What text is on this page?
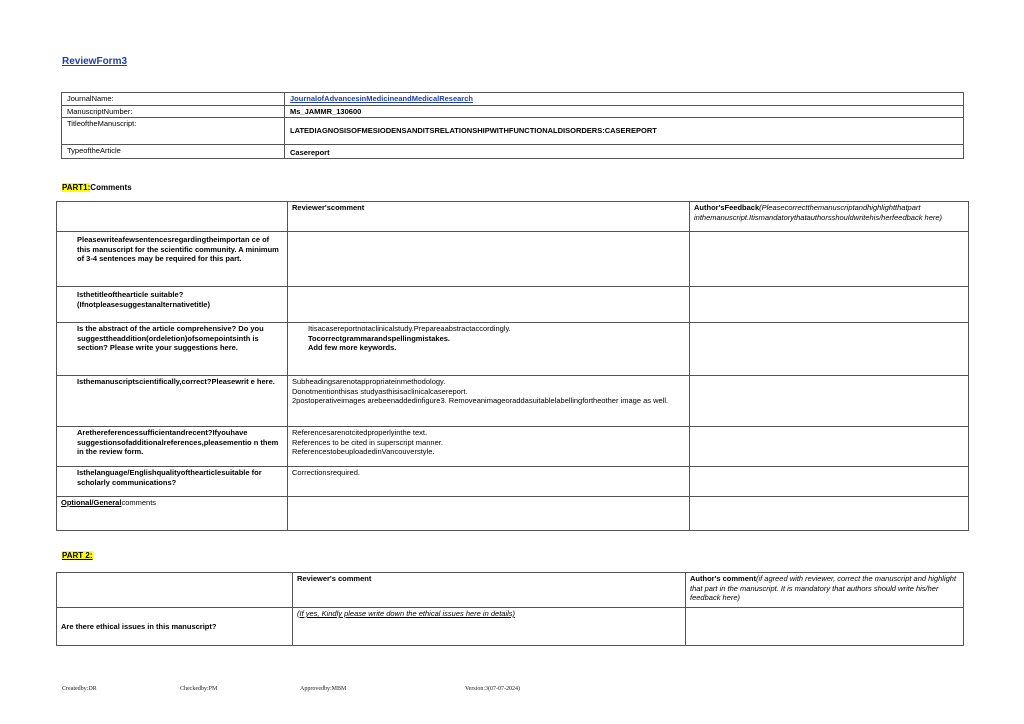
ReviewForm3
JournalName:	JournalofAdvancesinMedicineandMedicalResearch
ManuscriptNumber:	Ms_JAMMR_130600
TitleoftheManuscript:	LATEDIAGNOSISOFMESIODENSANDITSRELATIONSHIPWITHFUNCTIONALDISORDERS:CASEREPORT
TypeoftheArticle	Casereport
PART1:Comments
	Reviewer'scomment	Author'sFeedback(Pleasecorrectthemanuscriptandhighlightthatpart inthemanuscript.Itismandatorythatauthorsshouldwritehis/herfeedback here)
Pleasewriteafewsentencesregardingtheimportan ce of this manuscript for the scientific community. A minimum of 3-4 sentences may be required for this part.		
Isthetitleofthearticle suitable? (Ifnotpleasesuggestanalternativetitle)		
Is the abstract of the article comprehensive? Do you suggesttheaddition(ordeletion)ofsomepointsinth is section? Please write your suggestions here.	Itisacasereportnotaclinicalstudy.Prepareaabstractaccordingly.
Tocorrectgrammarandspellingmistakes.
Add few more keywords.	

Isthemanuscriptscientifically,correct?Pleasewrit e here.	Subheadingsarenotappropriateinmethodology.
Donotmentionthisas studyasthisisaclinicalcasereport.
2postoperativeimages arebeenaddedinfigure3. Removeanimageoraddasuitablelabellingfortheother image as well.	

Arethereferencessufficientandrecent?Ifyouhave suggestionsofadditionalreferences,pleasementio n them in the review form.	Referencesarenotcitedproperlyinthe text.
References to be cited in superscript manner.
ReferencestobeuploadedinVancouverstyle.	

Isthelanguage/Englishqualityofthearticlesuitable for scholarly communications?	Correctionsrequired.	

Optional/Generalcomments		
PART 2:
	Reviewer's comment	Author's comment(if agreed with reviewer, correct the manuscript and highlight that part in the manuscript. It is mandatory that authors should write his/her feedback here)
Are there ethical issues in this manuscript?	(If yes, Kindly please write down the ethical issues here in details)	
Createdby:DR	Checkedby:PM	Approvedby:MBM	Version:3(07-07-2024)
